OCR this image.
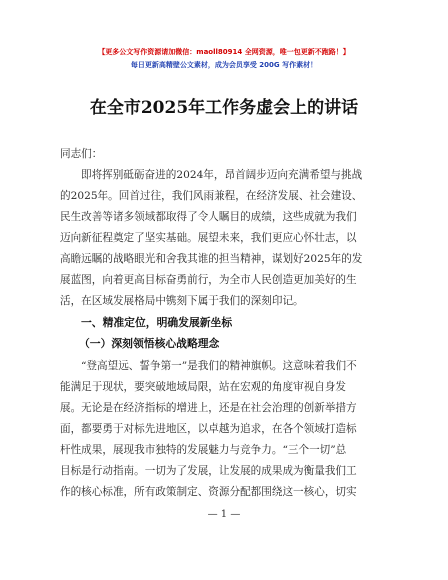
【更多公文写作资源请加微信：maoll80914 全网资源，唯一包更新不跑路！】
每日更新高精壁公文素材，成为会员享受 200G 写作素材！
在全市2025年工作务虚会上的讲话
同志们：
即将挥别砥砺奋进的2024年，昂首阔步迈向充满希望与挑战
的2025年。回首过往，我们风雨兼程，在经济发展、社会建设、
民生改善等诸多领域都取得了令人瞩目的成绩，这些成就为我们
迈向新征程奠定了坚实基础。展望未来，我们更应心怀壮志，以
高瞻远瞩的战略眼光和舍我其谁的担当精神，谋划好2025年的发
展蓝图，向着更高目标奋勇前行，为全市人民创造更加美好的生
活，在区域发展格局中镌刻下属于我们的深刻印记。
一、精准定位，明确发展新坐标
（一）深刻领悟核心战略理念
“登高望远、誓争第一”是我们的精神旗帜。这意味着我们不
能满足于现状，要突破地域局限，站在宏观的角度审视自身发
展。无论是在经济指标的增进上，还是在社会治理的创新举措方
面，都要勇于对标先进地区，以卓越为追求，在各个领域打造标
杆性成果，展现我市独特的发展魅力与竞争力。“三个一切”总
目标是行动指南。一切为了发展，让发展的成果成为衡量我们工
作的核心标准，所有政策制定、资源分配都围绕这一核心，切实
— 1 —
